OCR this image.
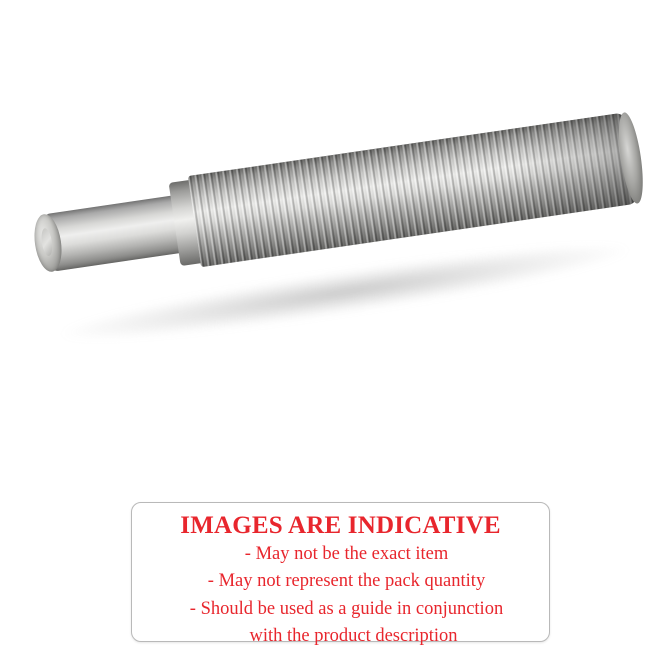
IMAGES ARE INDICATIVE
- May not be the exact item
- May not represent the pack quantity
- Should be used as a guide in conjunction
with the product description
